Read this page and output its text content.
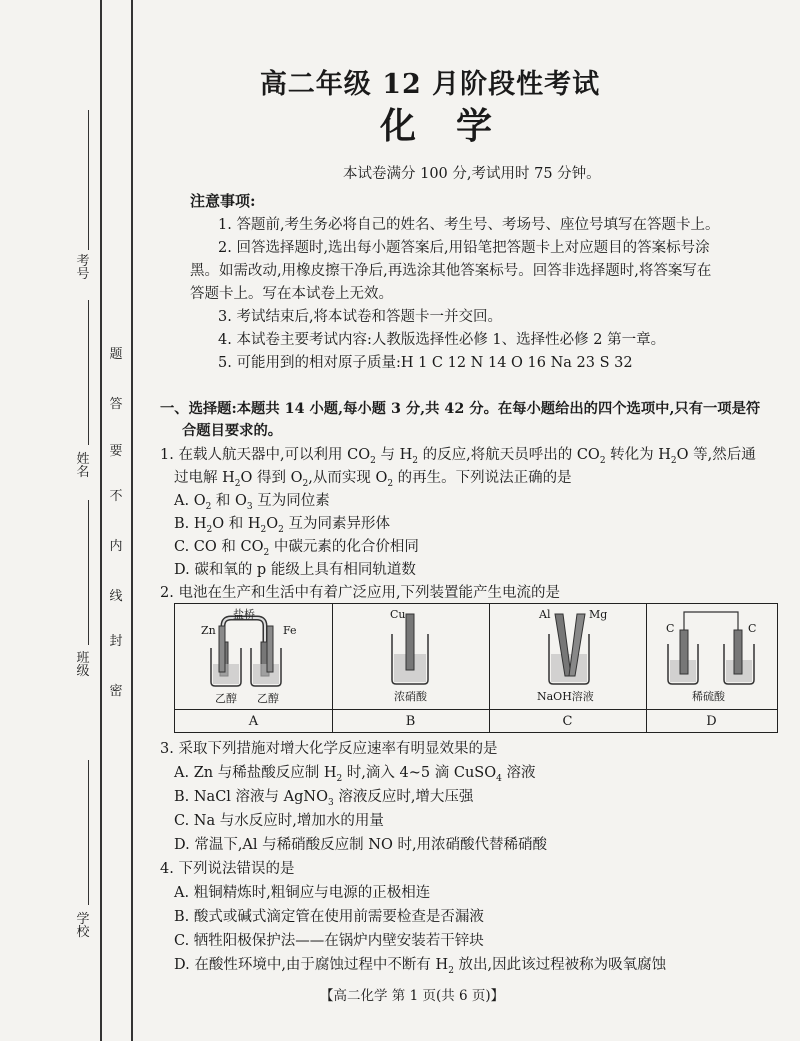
考号
姓名
班级
学校
题
答
要
不
内
线
封
密
高二年级 12 月阶段性考试
化学
本试卷满分 100 分,考试用时 75 分钟。
注意事项:
1. 答题前,考生务必将自己的姓名、考生号、考场号、座位号填写在答题卡上。
2. 回答选择题时,选出每小题答案后,用铅笔把答题卡上对应题目的答案标号涂
黑。如需改动,用橡皮擦干净后,再选涂其他答案标号。回答非选择题时,将答案写在
答题卡上。写在本试卷上无效。
3. 考试结束后,将本试卷和答题卡一并交回。
4. 本试卷主要考试内容:人教版选择性必修 1、选择性必修 2 第一章。
5. 可能用到的相对原子质量:H 1 C 12 N 14 O 16 Na 23 S 32
一、选择题:本题共 14 小题,每小题 3 分,共 42 分。在每小题给出的四个选项中,只有一项是符
合题目要求的。
1. 在载人航天器中,可以利用 $CO_2$ 与 $H_2$ 的反应,将航天员呼出的 $CO_2$ 转化为 $H_2O$ 等,然后通
过电解 $H_2O$ 得到 $O_2$,从而实现 $O_2$ 的再生。下列说法正确的是
A. $O_2$ 和 $O_3$ 互为同位素
B. $H_2O$ 和 $H_2O_2$ 互为同素异形体
C. CO 和 $CO_2$ 中碳元素的化合价相同
D. 碳和氧的 p 能级上具有相同轨道数
2. 电池在生产和生活中有着广泛应用,下列装置能产生电流的是
盐桥
Zn	Fe
乙醇 乙醇
Cu
浓硝酸
Al	Mg
NaOH溶液
C	C
稀硫酸
A	B	C	D
3. 采取下列措施对增大化学反应速率有明显效果的是
A. Zn 与稀盐酸反应制 $H_2$ 时,滴入 4~5 滴 CuSO$_4$ 溶液
B. NaCl 溶液与 AgNO$_3$ 溶液反应时,增大压强
C. Na 与水反应时,增加水的用量
D. 常温下,Al 与稀硝酸反应制 NO 时,用浓硝酸代替稀硝酸
4. 下列说法错误的是
A. 粗铜精炼时,粗铜应与电源的正极相连
B. 酸式或碱式滴定管在使用前需要检查是否漏液
C. 牺牲阳极保护法——在锅炉内壁安装若干锌块
D. 在酸性环境中,由于腐蚀过程中不断有 $H_2$ 放出,因此该过程被称为吸氧腐蚀
【高二化学 第 1 页(共 6 页)】
